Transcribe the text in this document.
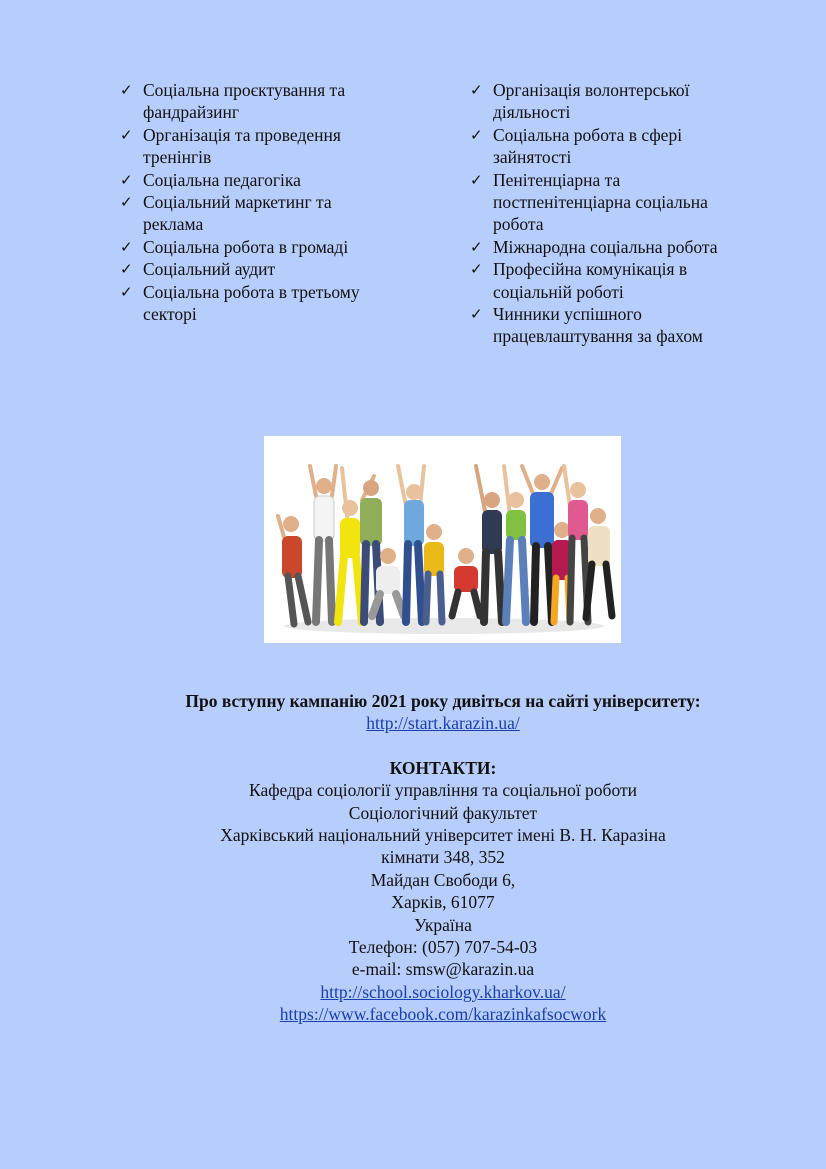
✓ Соціальна проєктування та фандрайзинг
✓ Організація та проведення тренінгів
✓ Соціальна педагогіка
✓ Соціальний маркетинг та реклама
✓ Соціальна робота в громаді
✓ Соціальний аудит
✓ Соціальна робота в третьому секторі
✓ Організація волонтерської діяльності
✓ Соціальна робота в сфері зайнятості
✓ Пенітенціарна та постпенітенціарна соціальна робота
✓ Міжнародна соціальна робота
✓ Професійна комунікація в соціальній роботі
✓ Чинники успішного працевлаштування за фахом
Про вступну кампанію 2021 року дивіться на сайті університету:
http://start.karazin.ua/
КОНТАКТИ:
Кафедра соціології управління та соціальної роботи
Соціологічний факультет
Харківський національний університет імені В. Н. Каразіна
кімнати 348, 352
Майдан Свободи 6,
Харків, 61077
Україна
Телефон: (057) 707-54-03
e-mail: smsw@karazin.ua
http://school.sociology.kharkov.ua/
https://www.facebook.com/karazinkafsocwork
